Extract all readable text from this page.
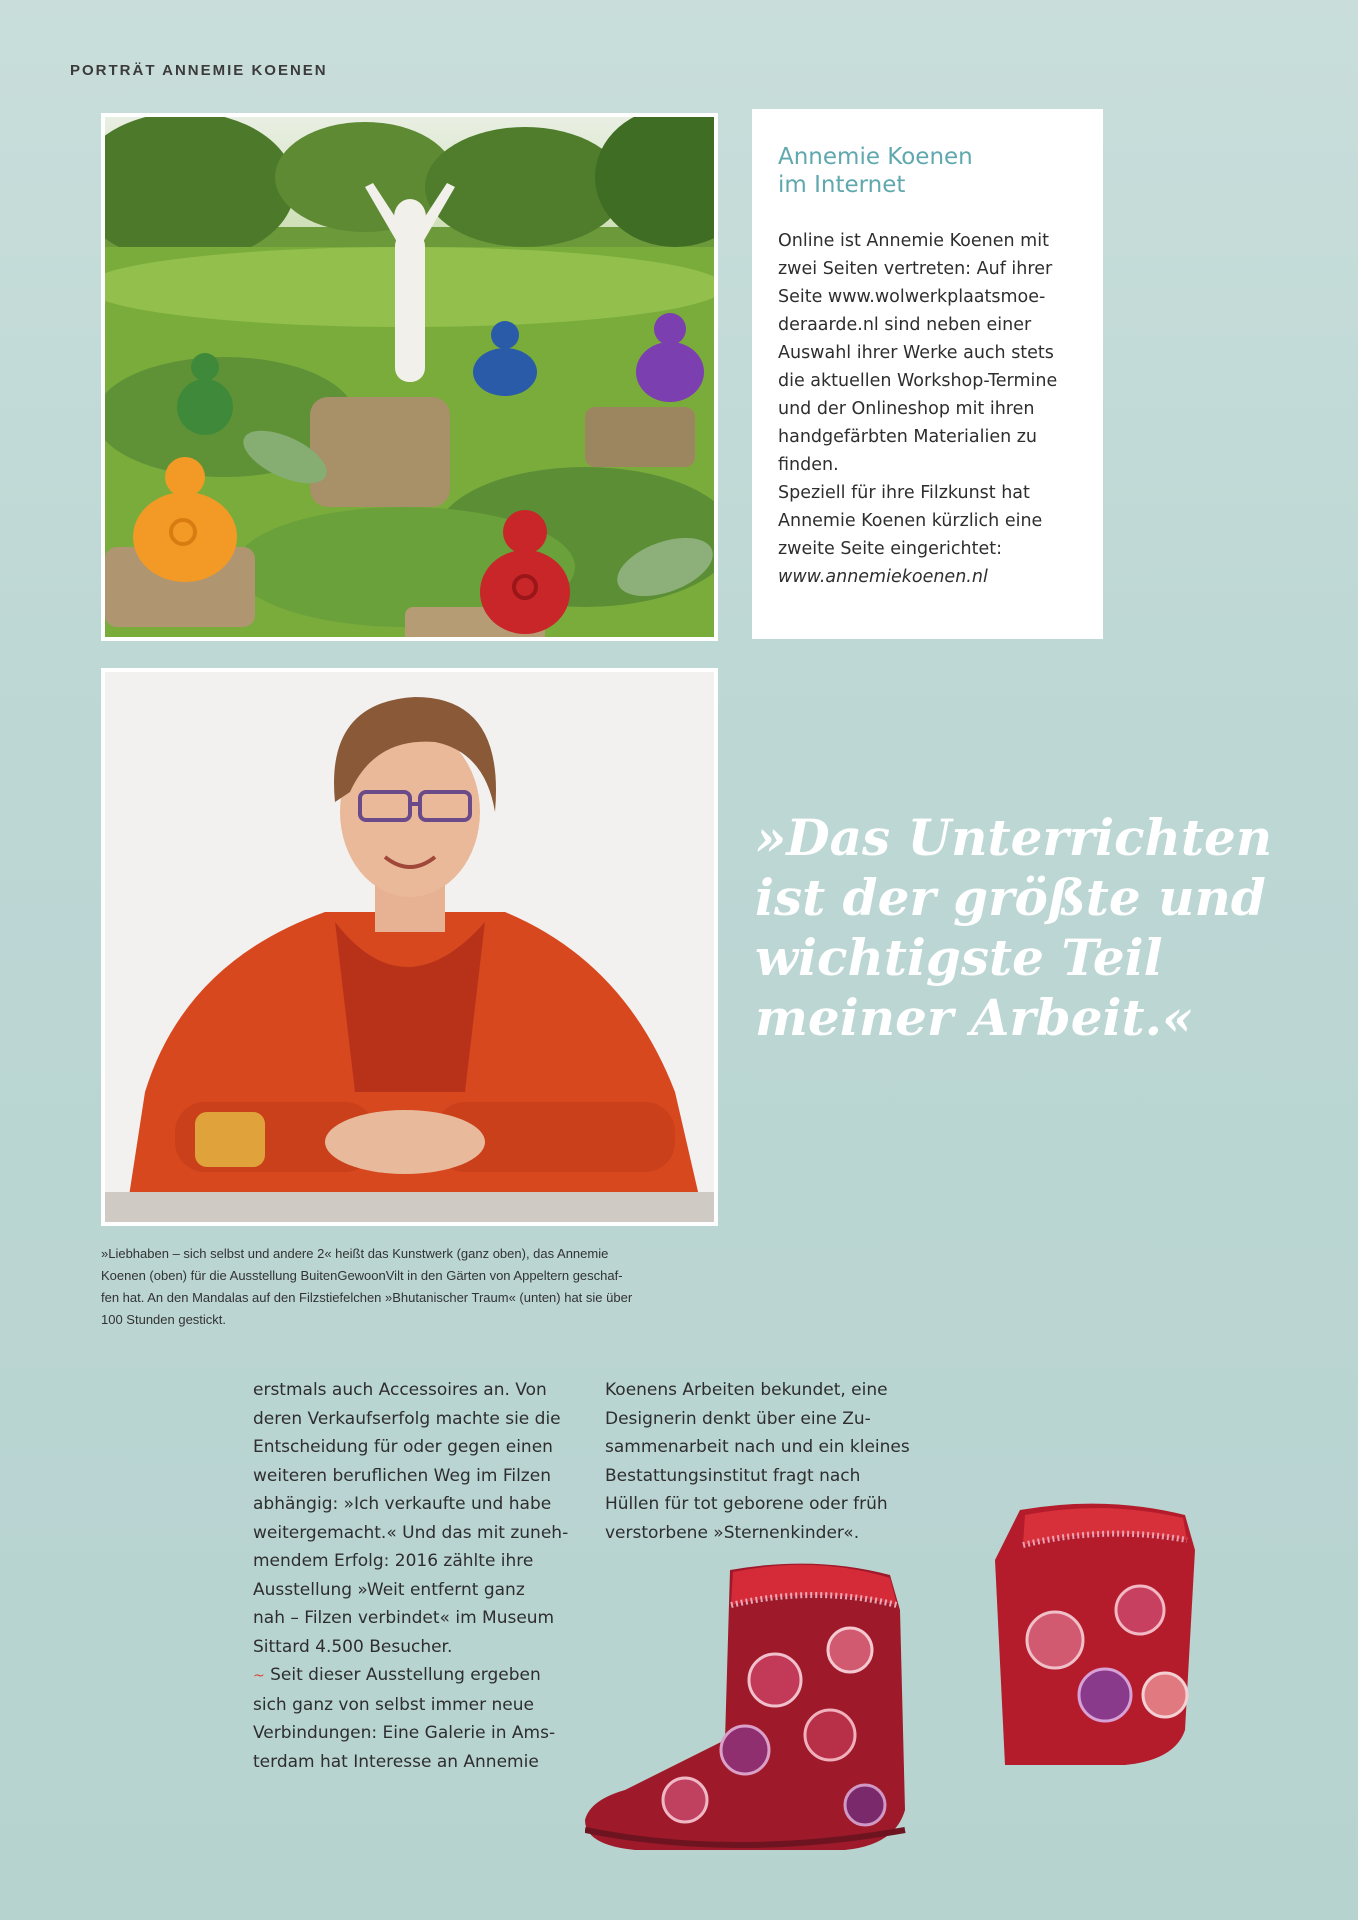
PORTRÄT ANNEMIE KOENEN
Annemie Koenen
im Internet

Online ist Annemie Koenen mit
zwei Seiten vertreten: Auf ihrer
Seite www.wolwerkplaatsmoe-
deraarde.nl sind neben einer
Auswahl ihrer Werke auch stets
die aktuellen Workshop-Termine
und der Onlineshop mit ihren
handgefärbten Materialien zu
finden.
Speziell für ihre Filzkunst hat
Annemie Koenen kürzlich eine
zweite Seite eingerichtet:
www.annemiekoenen.nl

»Das Unterrichten
ist der größte und
wichtigste Teil
meiner Arbeit.«
»Liebhaben – sich selbst und andere 2« heißt das Kunstwerk (ganz oben), das Annemie
Koenen (oben) für die Ausstellung BuitenGewoonVilt in den Gärten von Appeltern geschaf-
fen hat. An den Mandalas auf den Filzstiefelchen »Bhutanischer Traum« (unten) hat sie über
100 Stunden gestickt.

erstmals auch Accessoires an. Von
deren Verkaufserfolg machte sie die
Entscheidung für oder gegen einen
weiteren beruflichen Weg im Filzen
abhängig: »Ich verkaufte und habe
weitergemacht.« Und das mit zuneh-
mendem Erfolg: 2016 zählte ihre
Ausstellung »Weit entfernt ganz
nah – Filzen verbindet« im Museum
Sittard 4.500 Besucher.
~ Seit dieser Ausstellung ergeben
sich ganz von selbst immer neue
Verbindungen: Eine Galerie in Ams-
terdam hat Interesse an Annemie

Koenens Arbeiten bekundet, eine
Designerin denkt über eine Zu-
sammenarbeit nach und ein kleines
Bestattungsinstitut fragt nach
Hüllen für tot geborene oder früh
verstorbene »Sternenkinder«.
